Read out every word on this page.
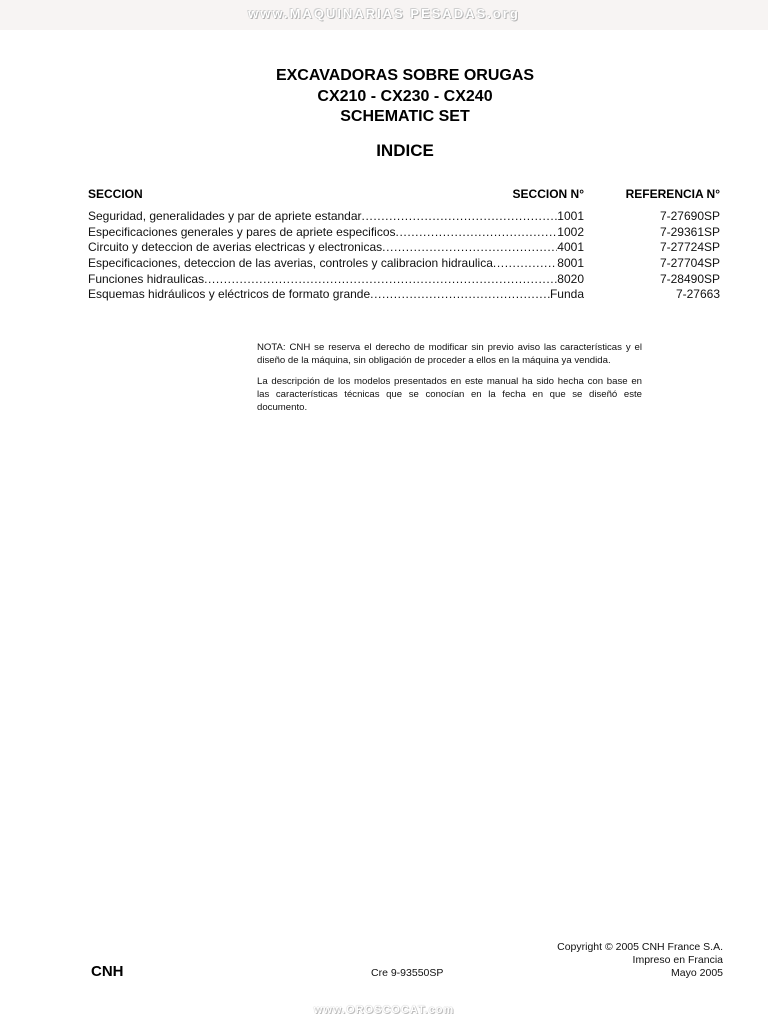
www.MAQUINARIAS PESADAS.org
EXCAVADORAS SOBRE ORUGAS
CX210 - CX230 - CX240
SCHEMATIC SET
INDICE
SECCION	SECCION N°	REFERENCIA N°
Seguridad, generalidades y par de apriete estandar .....	1001	7-27690SP
Especificaciones generales y pares de apriete especificos .....	1002	7-29361SP
Circuito y deteccion de averias electricas y electronicas .....	4001	7-27724SP
Especificaciones, deteccion de las averias, controles y calibracion hidraulica .....	8001	7-27704SP
Funciones hidraulicas .....	8020	7-28490SP
Esquemas hidráulicos y eléctricos de formato grande .....	Funda	7-27663
NOTA: CNH se reserva el derecho de modificar sin previo aviso las características y el diseño de la máquina, sin obligación de proceder a ellos en la máquina ya vendida.
La descripción de los modelos presentados en este manual ha sido hecha con base en las características técnicas que se conocían en la fecha en que se diseñó este documento.
CNH	Cre 9-93550SP
Copyright © 2005 CNH France S.A.
Impreso en Francia
Mayo 2005
www.OROSCOCAT.com
